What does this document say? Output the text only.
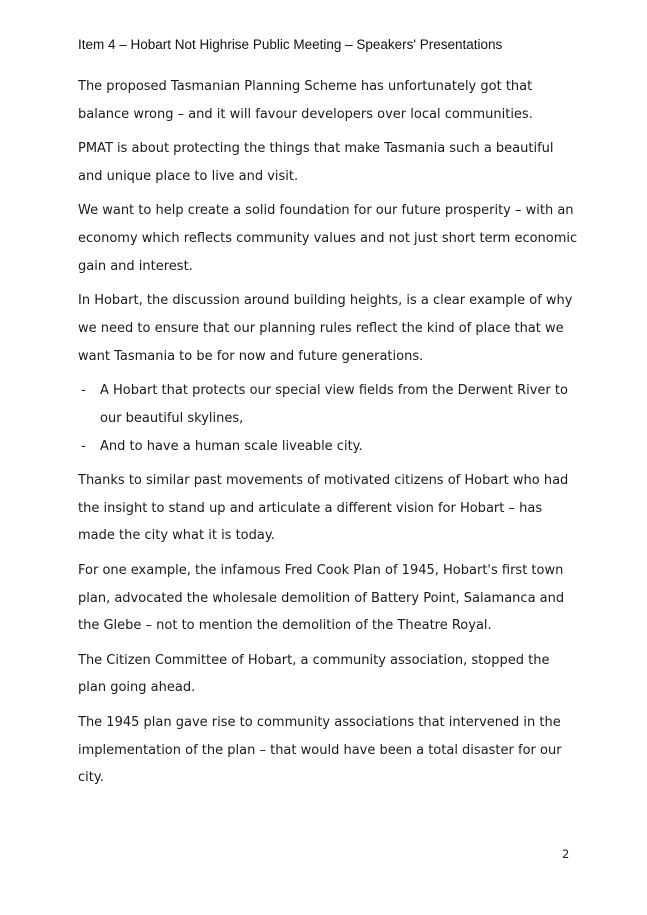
Item 4 – Hobart Not Highrise Public Meeting – Speakers' Presentations

The proposed Tasmanian Planning Scheme has unfortunately got that balance wrong – and it will favour developers over local communities.

PMAT is about protecting the things that make Tasmania such a beautiful and unique place to live and visit.

We want to help create a solid foundation for our future prosperity – with an economy which reflects community values and not just short term economic gain and interest.

In Hobart, the discussion around building heights, is a clear example of why we need to ensure that our planning rules reflect the kind of place that we want Tasmania to be for now and future generations.

- A Hobart that protects our special view fields from the Derwent River to our beautiful skylines,
- And to have a human scale liveable city.

Thanks to similar past movements of motivated citizens of Hobart who had the insight to stand up and articulate a different vision for Hobart – has made the city what it is today.

For one example, the infamous Fred Cook Plan of 1945, Hobart's first town plan, advocated the wholesale demolition of Battery Point, Salamanca and the Glebe – not to mention the demolition of the Theatre Royal.

The Citizen Committee of Hobart, a community association, stopped the plan going ahead.

The 1945 plan gave rise to community associations that intervened in the implementation of the plan – that would have been a total disaster for our city.

2
